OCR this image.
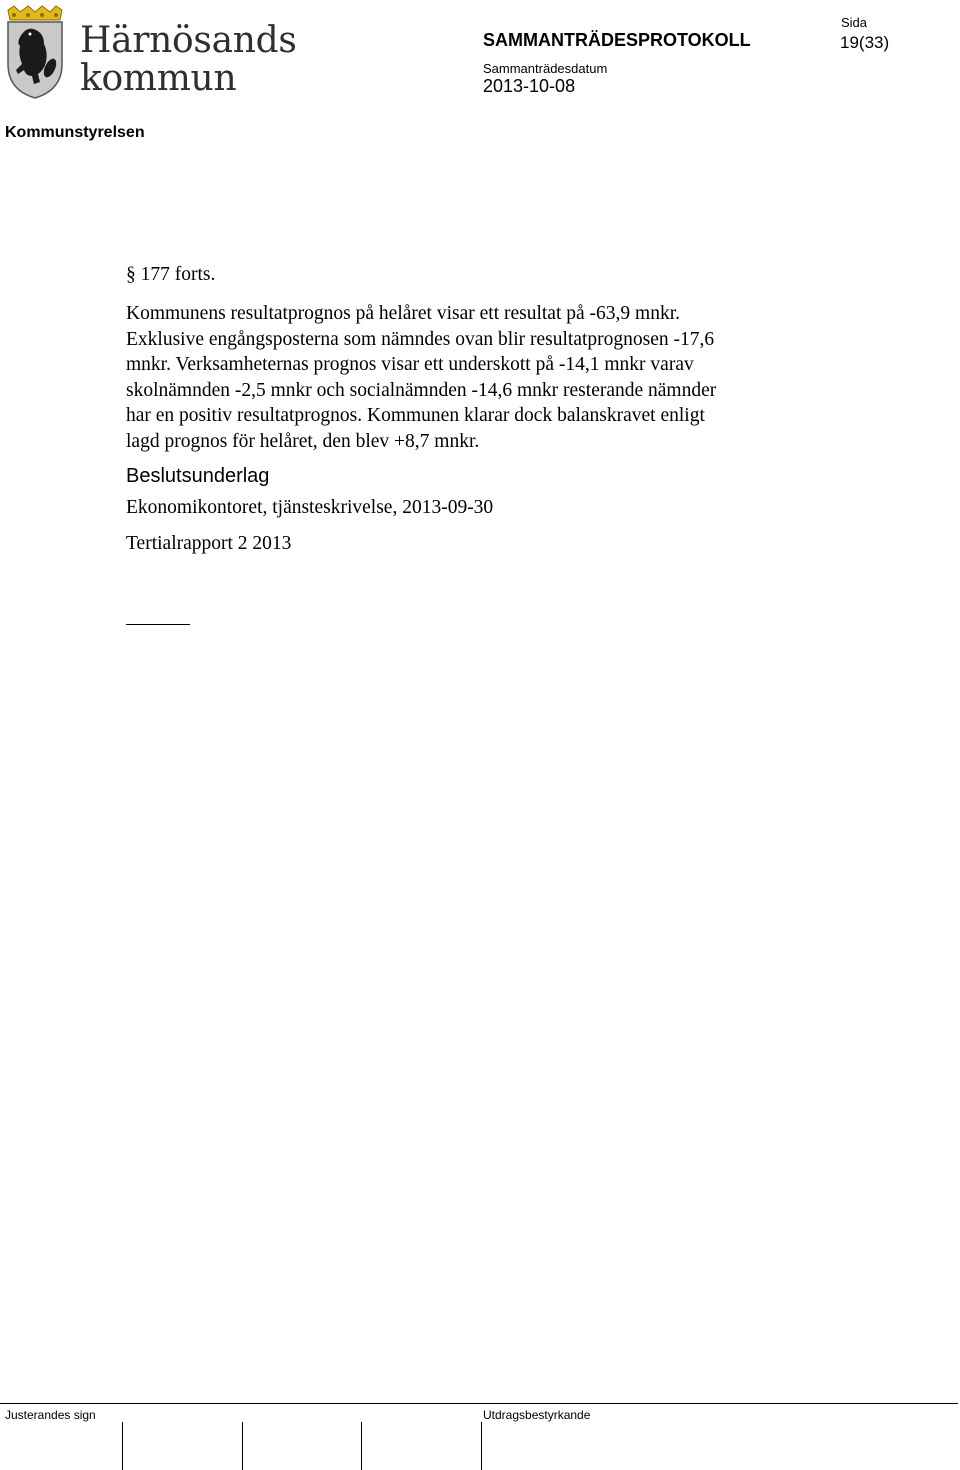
Härnösands
kommun
SAMMANTRÄDESPROTOKOLL
Sammanträdesdatum
2013-10-08
Sida
19(33)
Kommunstyrelsen
§ 177 forts.
Kommunens resultatprognos på helåret visar ett resultat på -63,9 mnkr.
Exklusive engångsposterna som nämndes ovan blir resultatprognosen -17,6
mnkr. Verksamheternas prognos visar ett underskott på -14,1 mnkr varav
skolnämnden -2,5 mnkr och socialnämnden -14,6 mnkr resterande nämnder
har en positiv resultatprognos. Kommunen klarar dock balanskravet enligt
lagd prognos för helåret, den blev +8,7 mnkr.
Beslutsunderlag
Ekonomikontoret, tjänsteskrivelse, 2013-09-30
Tertialrapport 2 2013
Justerandes sign	Utdragsbestyrkande
